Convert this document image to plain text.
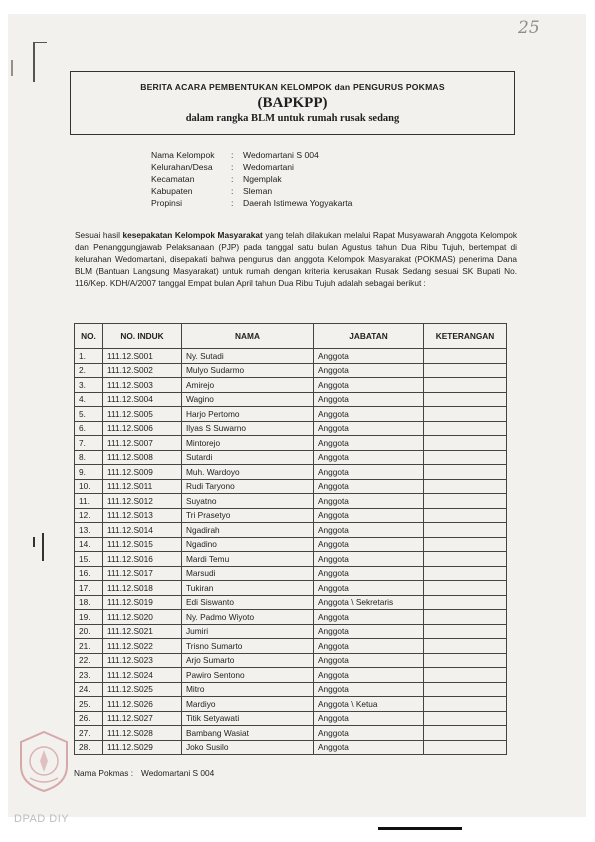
25
BERITA ACARA PEMBENTUKAN KELOMPOK dan PENGURUS POKMAS
(BAPKPP)
dalam rangka BLM untuk rumah rusak sedang
Nama Kelompok	:	Wedomartani S 004
Kelurahan/Desa	:	Wedomartani
Kecamatan	:	Ngemplak
Kabupaten	:	Sleman
Propinsi	:	Daerah Istimewa Yogyakarta
Sesuai hasil kesepakatan Kelompok Masyarakat yang telah dilakukan melalui Rapat Musyawarah Anggota Kelompok dan Penanggungjawab Pelaksanaan (PJP) pada tanggal satu bulan Agustus tahun Dua Ribu Tujuh, bertempat di kelurahan Wedomartani, disepakati bahwa pengurus dan anggota Kelompok Masyarakat (POKMAS) penerima Dana BLM (Bantuan Langsung Masyarakat) untuk rumah dengan kriteria kerusakan Rusak Sedang sesuai SK Bupati No. 116/Kep. KDH/A/2007 tanggal Empat bulan April tahun Dua Ribu Tujuh adalah sebagai berikut :
NO.	NO. INDUK	NAMA	JABATAN	KETERANGAN
1.	111.12.S001	Ny. Sutadi	Anggota	
2.	111.12.S002	Mulyo Sudarmo	Anggota	
3.	111.12.S003	Amirejo	Anggota	
4.	111.12.S004	Wagino	Anggota	
5.	111.12.S005	Harjo Pertomo	Anggota	
6.	111.12.S006	Ilyas S Suwarno	Anggota	
7.	111.12.S007	Mintorejo	Anggota	
8.	111.12.S008	Sutardi	Anggota	
9.	111.12.S009	Muh. Wardoyo	Anggota	
10.	111.12.S011	Rudi Taryono	Anggota	
11.	111.12.S012	Suyatno	Anggota	
12.	111.12.S013	Tri Prasetyo	Anggota	
13.	111.12.S014	Ngadirah	Anggota	
14.	111.12.S015	Ngadino	Anggota	
15.	111.12.S016	Mardi Temu	Anggota	
16.	111.12.S017	Marsudi	Anggota	
17.	111.12.S018	Tukiran	Anggota	
18.	111.12.S019	Edi Siswanto	Anggota \ Sekretaris	
19.	111.12.S020	Ny. Padmo Wiyoto	Anggota	
20.	111.12.S021	Jumiri	Anggota	
21.	111.12.S022	Trisno Sumarto	Anggota	
22.	111.12.S023	Arjo Sumarto	Anggota	
23.	111.12.S024	Pawiro Sentono	Anggota	
24.	111.12.S025	Mitro	Anggota	
25.	111.12.S026	Mardiyo	Anggota \ Ketua	
26.	111.12.S027	Titik Setyawati	Anggota	
27.	111.12.S028	Bambang Wasiat	Anggota	
28.	111.12.S029	Joko Susilo	Anggota	
Nama Pokmas : Wedomartani S 004
DPAD DIY
